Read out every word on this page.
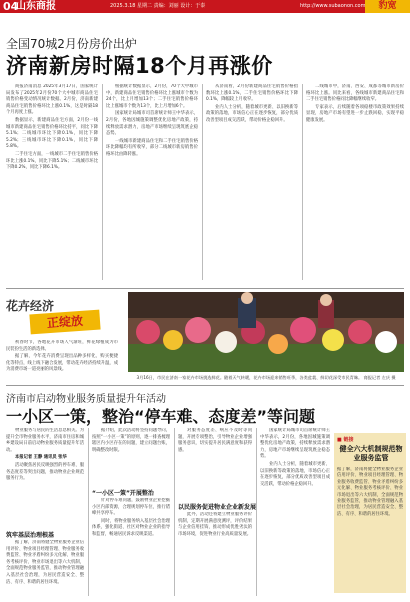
04
山东商报	2025.3.18 星期二 责编：刘丽 设计：于泰	http://www.subaonon.com	豹宽
全国70城2月份房价出炉
济南新房时隔18个月再涨价

商报济南消息 2025年3月17日，国家统计局发布了2025年2月份70个大中城市商品住宅销售价格变动情况统计数据。2月份，济南新建商品住宅销售价格环比上涨0.1%，这是时隔18个月再度上涨。

数据显示，新建商品住宅方面，2月份一线城市新建商品住宅销售价格环比持平，同比下降5.1%；二线城市环比下降0.1%，同比下降5.2%；三线城市环比下降0.1%，同比下降5.8%。

二手住宅方面，一线城市二手住宅销售价格环比上涨0.1%，同比下降5.1%；二线城市环比下降0.2%，同比下降6.1%。

根据统计数据显示，2月份，70个大中城市中，新建商品住宅销售价格环比上涨城市个数为24个，比上月增加13个；二手住宅销售价格环比上涨城市个数为13个，比上月增加6个。

国家统计局城市司首席统计师王中华表示，2月份，各地因城施策调整优化房地产政策，持续释放需求潜力，房地产市场继续呈现筑底企稳态势。

一线城市新建商品住宅和二手住宅销售价格环比降幅均有所收窄，部分二线城市新房销售价格环比由降转涨。

从济南看，2月份新建商品住宅销售价格指数环比上涨0.1%，二手住宅销售价格环比下降0.1%，降幅较上月收窄。

业内人士分析，随着城市更新、以旧换新等政策的落地，市场信心正在逐步恢复，部分优质改善型项目成交活跃，带动价格企稳回升。

二线城市中，济南、西安、成都等城市新房价格环比上涨。同比来看，各线城市新建商品住宅和二手住宅销售价格同比降幅继续收窄。

专家表示，后续随着各项稳楼市政策效果持续显现，房地产市场有望进一步止跌回稳，实现平稳健康发展。

花卉经济
正绽放

初春时节，各地花卉市场人气渐旺，鲜花绿植成为市民装扮生活的新选择。

据了解，今年花卉消费呈现出品种多样化、购买便捷化等特点，线上线下融合发展，带动花卉经济持续升温，成为消费市场一道亮丽的风景线。

3月16日，市民在济南一家花卉市场挑选鲜花。随着天气转暖，花卉市场迎来销售旺季，各类盆栽、鲜切花深受市民青睐。 商报记者 左庆 摄
济南市启动物业服务质量提升年活动
一小区一策，整治“停车难、态度差”等问题

物业服务与居民的生活息息相关。为提升全市物业服务水平，济南市住房和城乡建设局日前启动物业服务质量提升年活动。

本报记者 王静 通讯员 张华

活动聚焦居民反映强烈的停车难、服务态度差等突出问题，推动物业企业规范服务行为。

筑牢基层治理根基

据了解，济南将健全物业服务企业信用评价、物业项目经理管理、物业服务收费监管、物业矛盾纠纷多元化解、物业服务考核评价、物业市场退出等六大机制，全面规范物业服务监管，推动物业管理融入基层社会治理，为居民营造安全、整洁、有序、和谐的居住环境。

据介绍，此次活动将坚持问题导向，按照“一小区一策”的原则，逐一排查梳理辖区内小区存在的问题，建立问题台账，明确整改时限。

“一小区一策”开展整治

针对停车难问题，鼓励物业企业挖掘小区内部资源，合理规划停车位，推行错峰共享停车。

同时，将物业服务纳入基层社会治理体系，强化街道、社区对物业企业的指导和监督，畅通居民诉求反映渠道。

对服务态度差、响应不及时等问题，开展专项整治，引导物业企业增强服务意识，切实提升居民满意度和获得感。

以民服务促进物业企业新发展

此外，活动还将建立物业服务评价机制，定期开展满意度测评，评价结果与企业信用挂钩，推动形成优胜劣汰的市场环境，促进物业行业高质量发展。

国家统计局城市司首席统计师王中华表示，2月份，各地因城施策调整优化房地产政策，持续释放需求潜力，房地产市场继续呈现筑底企稳态势。

业内人士分析，随着城市更新、以旧换新等政策的落地，市场信心正在逐步恢复，部分优质改善型项目成交活跃，带动价格企稳回升。

■ 链接
健全六大机制规范物业服务监管
据了解，济南将健全物业服务企业信用评价、物业项目经理管理、物业服务收费监管、物业矛盾纠纷多元化解、物业服务考核评价、物业市场退出等六大机制，全面规范物业服务监管，推动物业管理融入基层社会治理，为居民营造安全、整洁、有序、和谐的居住环境。
